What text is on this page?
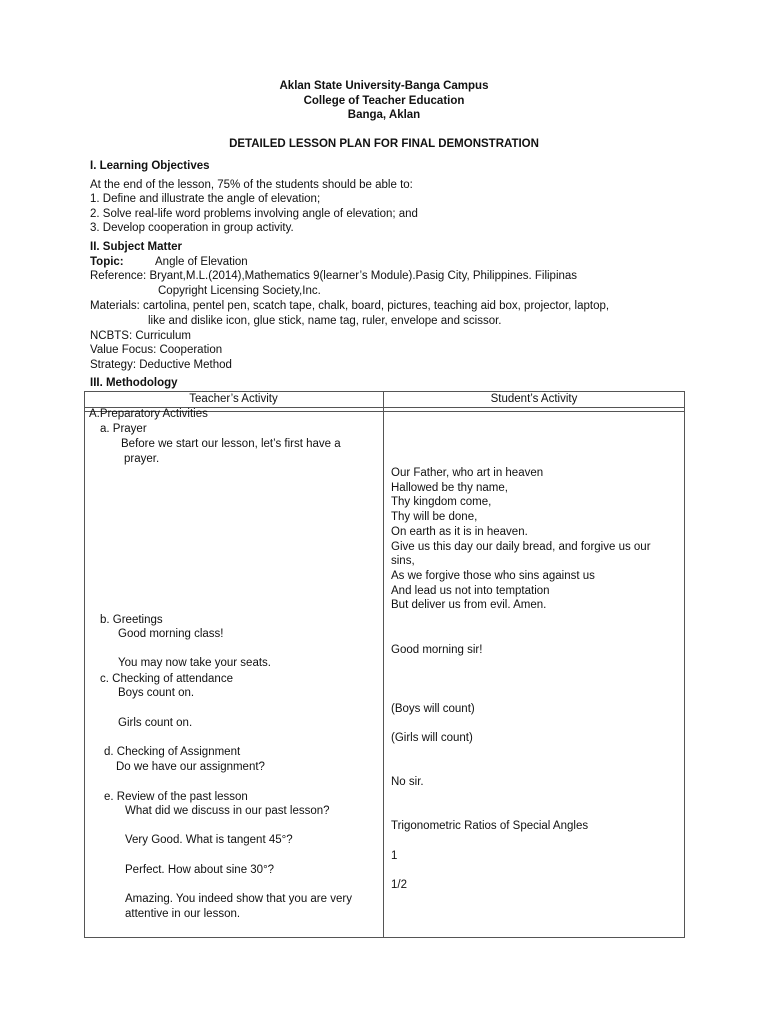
Aklan State University-Banga Campus
College of Teacher Education
Banga, Aklan
DETAILED LESSON PLAN FOR FINAL DEMONSTRATION
I. Learning Objectives
At the end of the lesson, 75% of the students should be able to:
1. Define and illustrate the angle of elevation;
2. Solve real-life word problems involving angle of elevation; and
3. Develop cooperation in group activity.
II. Subject Matter
Topic:	Angle of Elevation
Reference: Bryant,M.L.(2014),Mathematics 9(learner’s Module).Pasig City, Philippines. Filipinas
Copyright Licensing Society,Inc.
Materials: cartolina, pentel pen, scatch tape, chalk, board, pictures, teaching aid box, projector, laptop,
like and dislike icon, glue stick, name tag, ruler, envelope and scissor.
NCBTS: Curriculum
Value Focus: Cooperation
Strategy: Deductive Method
III. Methodology
Teacher’s Activity	Student’s Activity
A.Preparatory Activities
a. Prayer
Before we start our lesson, let’s first have a
prayer.
b. Greetings
Good morning class!
You may now take your seats.
c. Checking of attendance
Boys count on.
Girls count on.
d. Checking of Assignment
Do we have our assignment?
e. Review of the past lesson
What did we discuss in our past lesson?
Very Good. What is tangent 45°?
Perfect. How about sine 30°?
Amazing. You indeed show that you are very
attentive in our lesson.
Our Father, who art in heaven
Hallowed be thy name,
Thy kingdom come,
Thy will be done,
On earth as it is in heaven.
Give us this day our daily bread, and forgive us our
sins,
As we forgive those who sins against us
And lead us not into temptation
But deliver us from evil. Amen.
Good morning sir!
(Boys will count)
(Girls will count)
No sir.
Trigonometric Ratios of Special Angles
1
1/2
